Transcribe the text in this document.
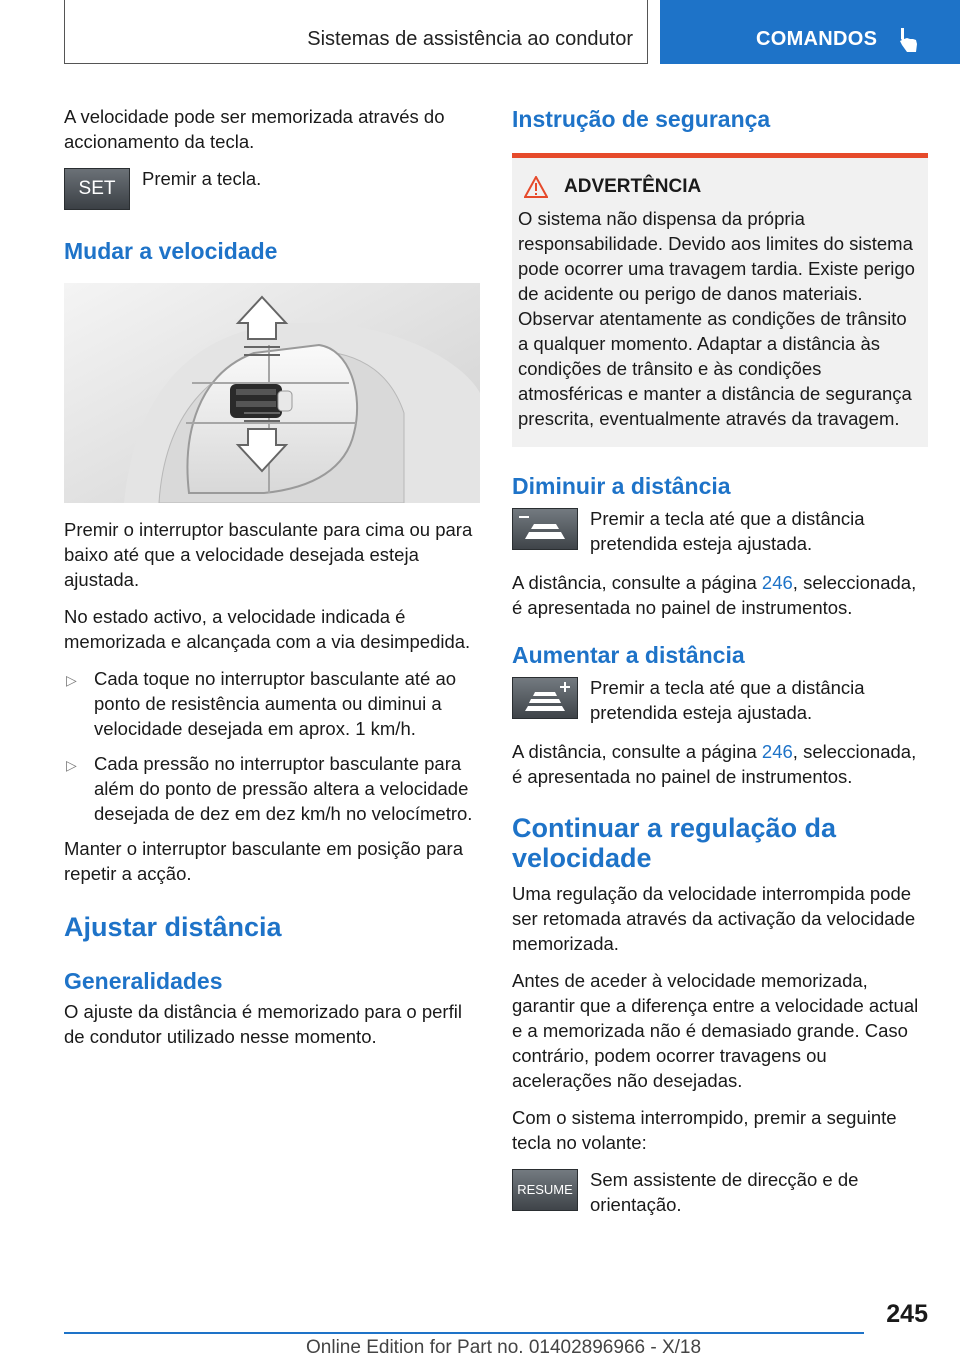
Sistemas de assistência ao condutor	COMANDOS

A velocidade pode ser memorizada através do accionamento da tecla.

SET	Premir a tecla.

Mudar a velocidade

Premir o interruptor basculante para cima ou para baixo até que a velocidade desejada esteja ajustada.

No estado activo, a velocidade indicada é memorizada e alcançada com a via desimpedida.

▷ Cada toque no interruptor basculante até ao ponto de resistência aumenta ou diminui a velocidade desejada em aprox. 1 km/h.
▷ Cada pressão no interruptor basculante para além do ponto de pressão altera a velocidade desejada de dez em dez km/h no velocímetro.

Manter o interruptor basculante em posição para repetir a acção.

Ajustar distância
Generalidades

O ajuste da distância é memorizado para o perfil de condutor utilizado nesse momento.

Instrução de segurança
ADVERTÊNCIA

O sistema não dispensa da própria responsabilidade. Devido aos limites do sistema pode ocorrer uma travagem tardia. Existe perigo de acidente ou perigo de danos materiais. Observar atentamente as condições de trânsito a qualquer momento. Adaptar a distância às condições de trânsito e às condições atmosféricas e manter a distância de segurança prescrita, eventualmente através da travagem.

Diminuir a distância

Premir a tecla até que a distância pretendida esteja ajustada.

A distância, consulte a página 246, seleccionada, é apresentada no painel de instrumentos.

Aumentar a distância

Premir a tecla até que a distância pretendida esteja ajustada.

A distância, consulte a página 246, seleccionada, é apresentada no painel de instrumentos.

Continuar a regulação da velocidade

Uma regulação da velocidade interrompida pode ser retomada através da activação da velocidade memorizada.

Antes de aceder à velocidade memorizada, garantir que a diferença entre a velocidade actual e a memorizada não é demasiado grande. Caso contrário, podem ocorrer travagens ou acelerações não desejadas.

Com o sistema interrompido, premir a seguinte tecla no volante:

RESUME Sem assistente de direcção e de orientação.

245
Online Edition for Part no. 01402896966 - X/18
